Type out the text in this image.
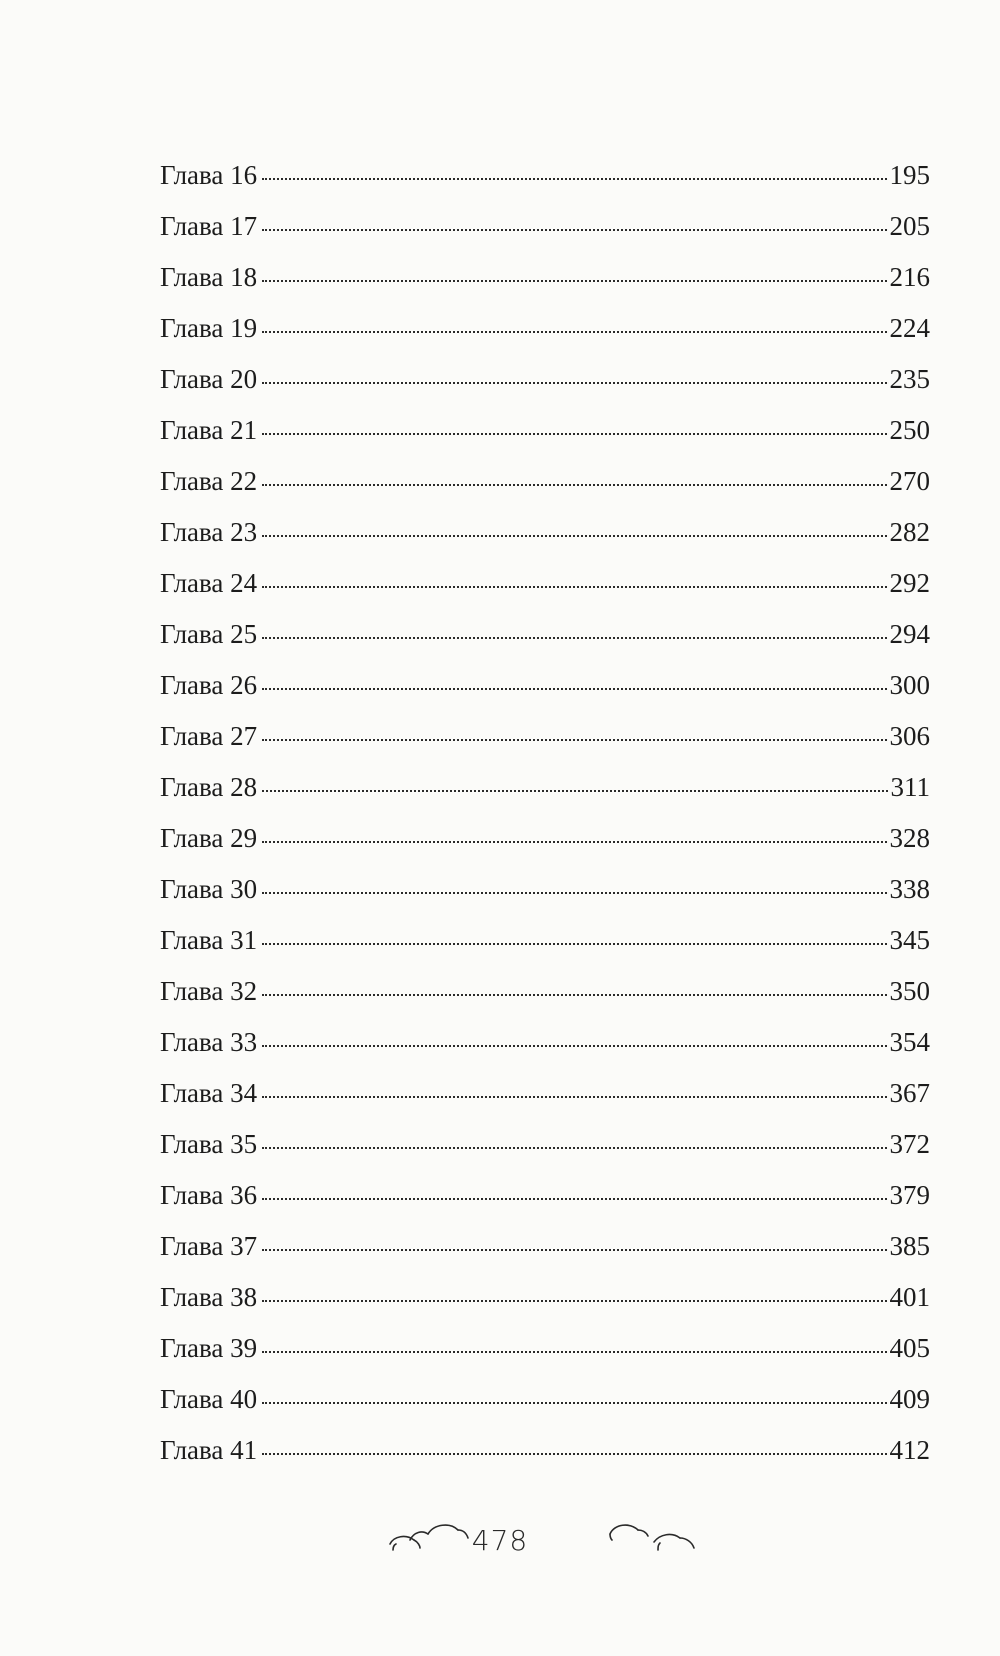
Глава 16	195
Глава 17	205
Глава 18	216
Глава 19	224
Глава 20	235
Глава 21	250
Глава 22	270
Глава 23	282
Глава 24	292
Глава 25	294
Глава 26	300
Глава 27	306
Глава 28	311
Глава 29	328
Глава 30	338
Глава 31	345
Глава 32	350
Глава 33	354
Глава 34	367
Глава 35	372
Глава 36	379
Глава 37	385
Глава 38	401
Глава 39	405
Глава 40	409
Глава 41	412
478
